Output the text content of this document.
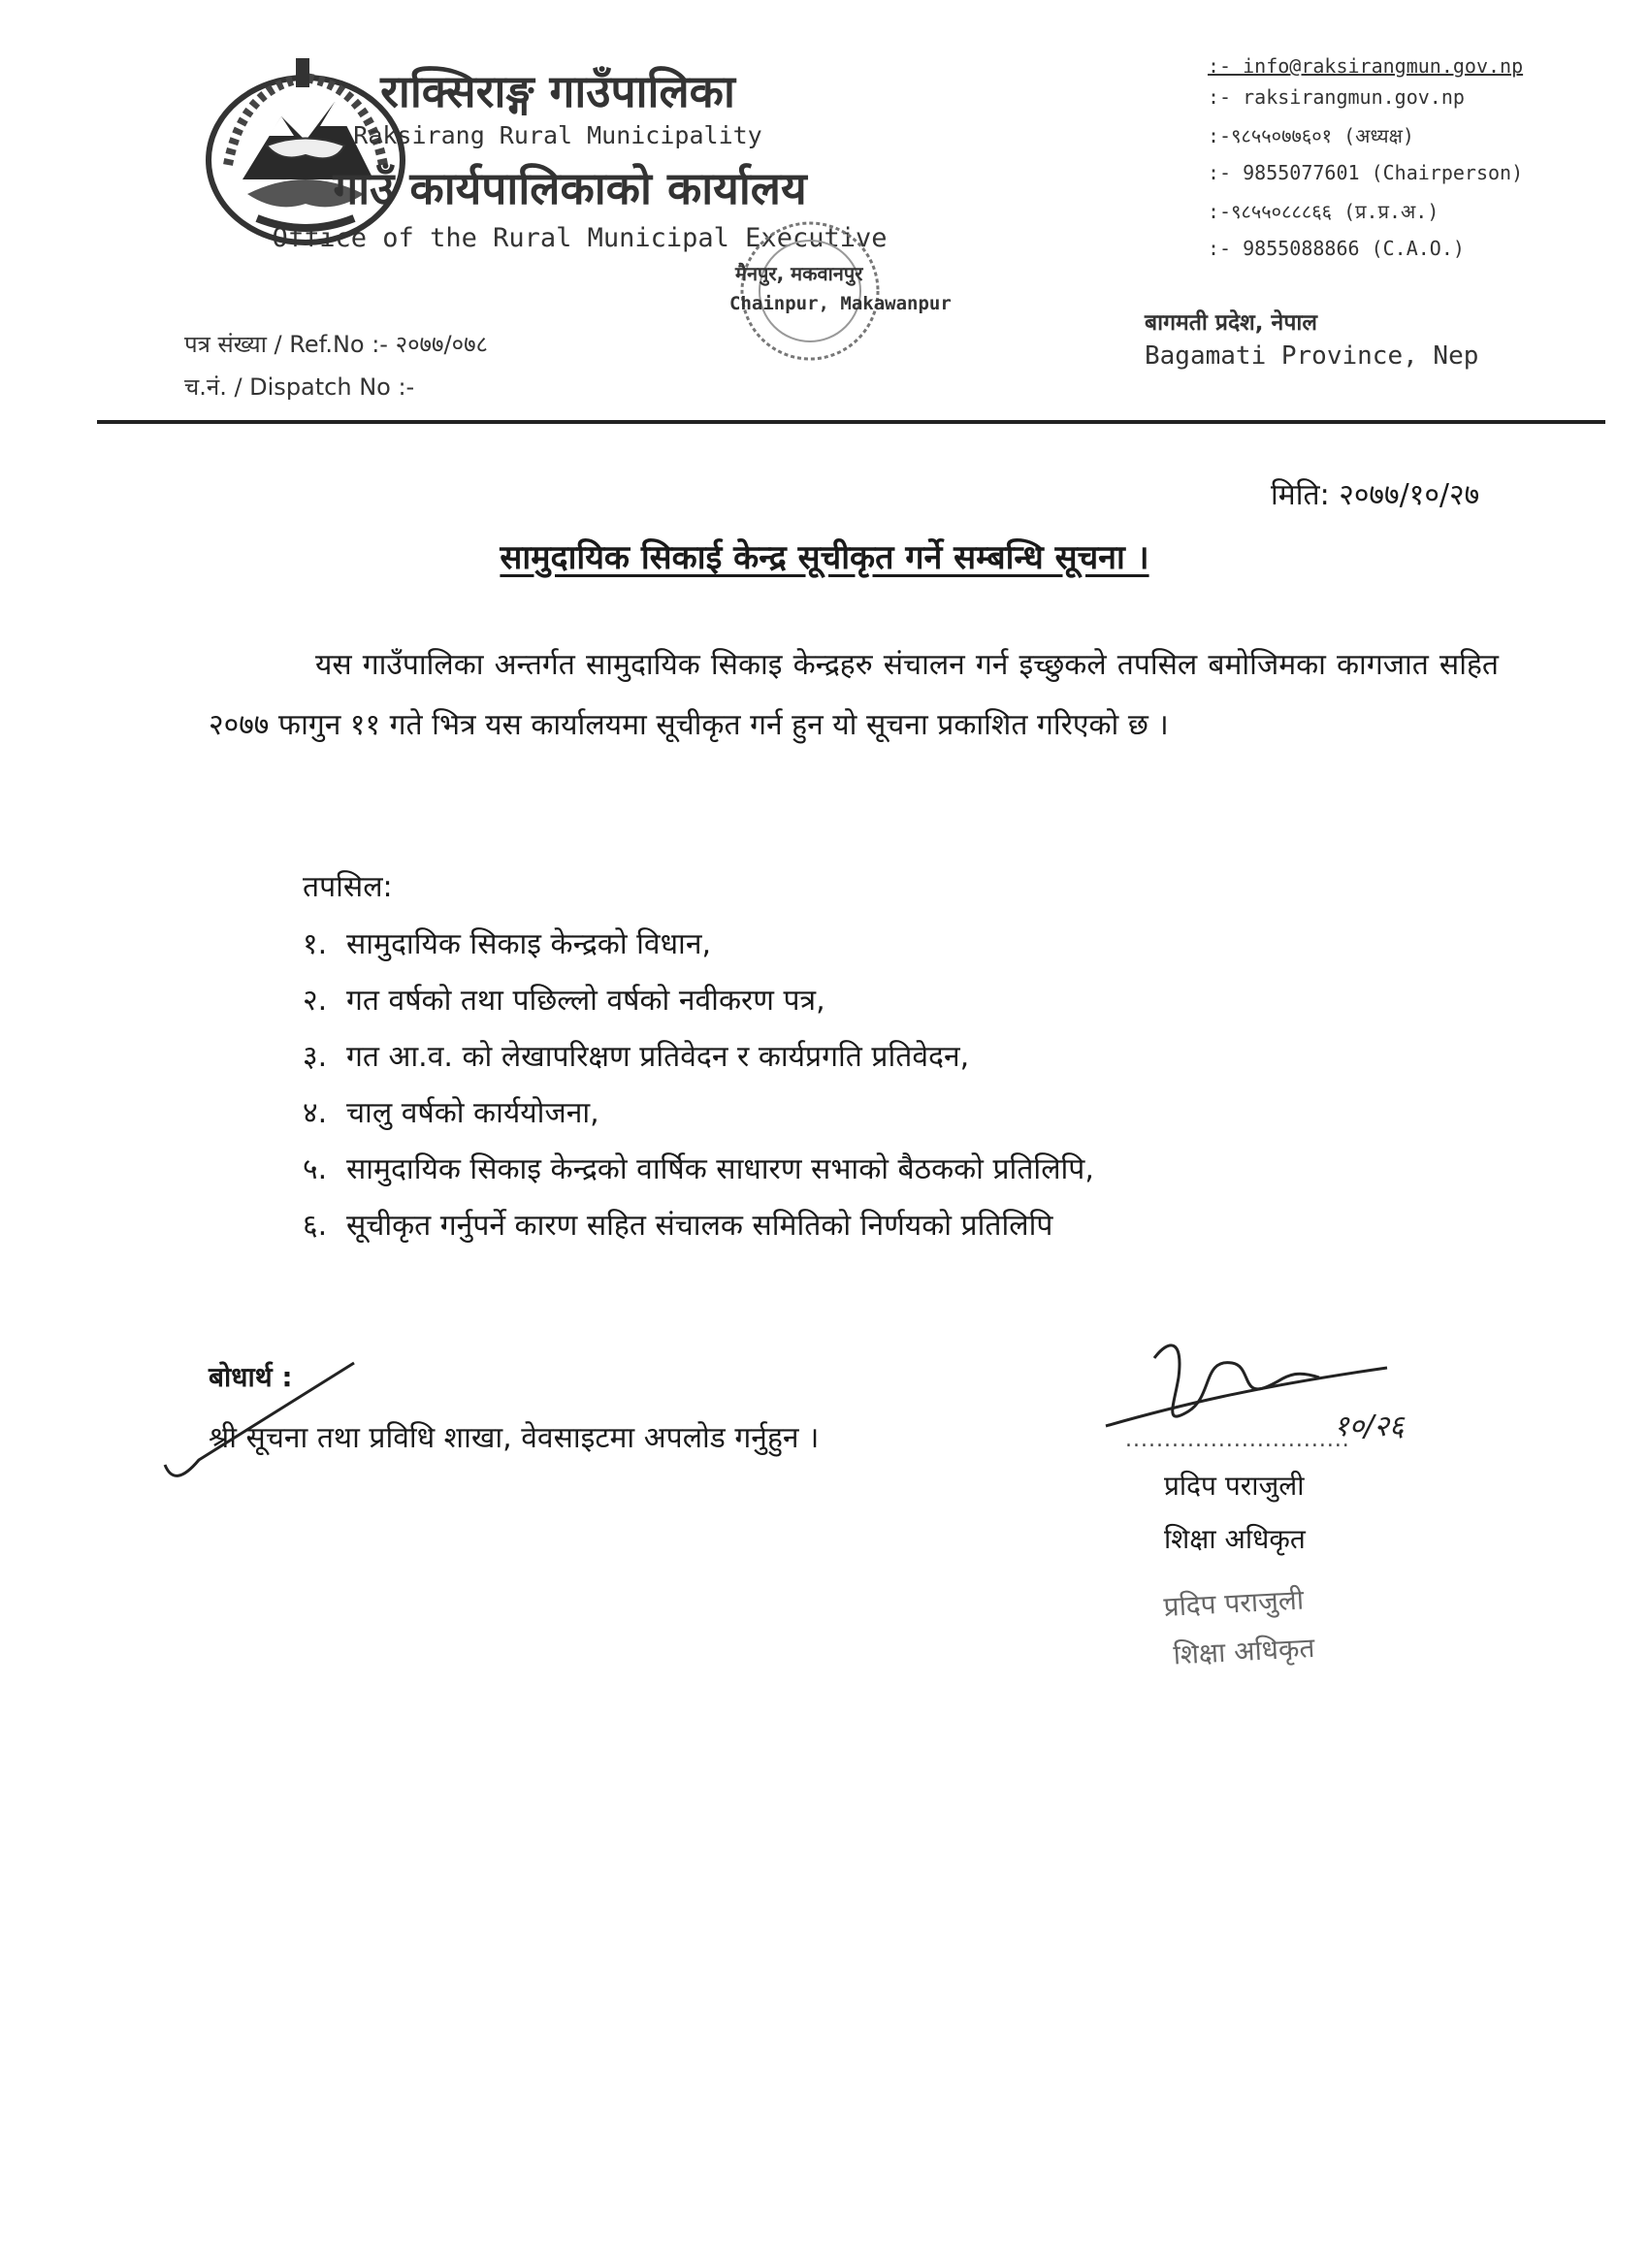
राक्सिराङ्ग गाउँपालिका
Raksirang Rural Municipality
गाउँ कार्यपालिकाको कार्यालय
Office of the Rural Municipal Executive
मैनपुर, मकवानपुर
Chainpur, Makawanpur
:- info@raksirangmun.gov.np
:- raksirangmun.gov.np
:-९८५५०७७६०१ (अध्यक्ष)
:- 9855077601 (Chairperson)
:-९८५५०८८८६६ (प्र.प्र.अ.)
:- 9855088866 (C.A.O.)
पत्र संख्या / Ref.No :- २०७७/०७८
च.नं. / Dispatch No :-
बागमती प्रदेश, नेपाल
Bagamati Province, Nep
मिति: २०७७/१०/२७
सामुदायिक सिकाई केन्द्र सूचीकृत गर्ने सम्बन्धि सूचना ।
यस गाउँपालिका अन्तर्गत सामुदायिक सिकाइ केन्द्रहरु संचालन गर्न इच्छुकले तपसिल बमोजिमका कागजात सहित २०७७ फागुन ११ गते भित्र यस कार्यालयमा सूचीकृत गर्न हुन यो सूचना प्रकाशित गरिएको छ ।
तपसिल:
१. सामुदायिक सिकाइ केन्द्रको विधान,
२. गत वर्षको तथा पछिल्लो वर्षको नवीकरण पत्र,
३. गत आ.व. को लेखापरिक्षण प्रतिवेदन र कार्यप्रगति प्रतिवेदन,
४. चालु वर्षको कार्ययोजना,
५. सामुदायिक सिकाइ केन्द्रको वार्षिक साधारण सभाको बैठकको प्रतिलिपि,
६. सूचीकृत गर्नुपर्ने कारण सहित संचालक समितिको निर्णयको प्रतिलिपि
बोधार्थ :
श्री सूचना तथा प्रविधि शाखा, वेवसाइटमा अपलोड गर्नुहुन ।	१०/२६
.............................
प्रदिप पराजुली
शिक्षा अधिकृत
प्रदिप पराजुली
शिक्षा अधिकृत
